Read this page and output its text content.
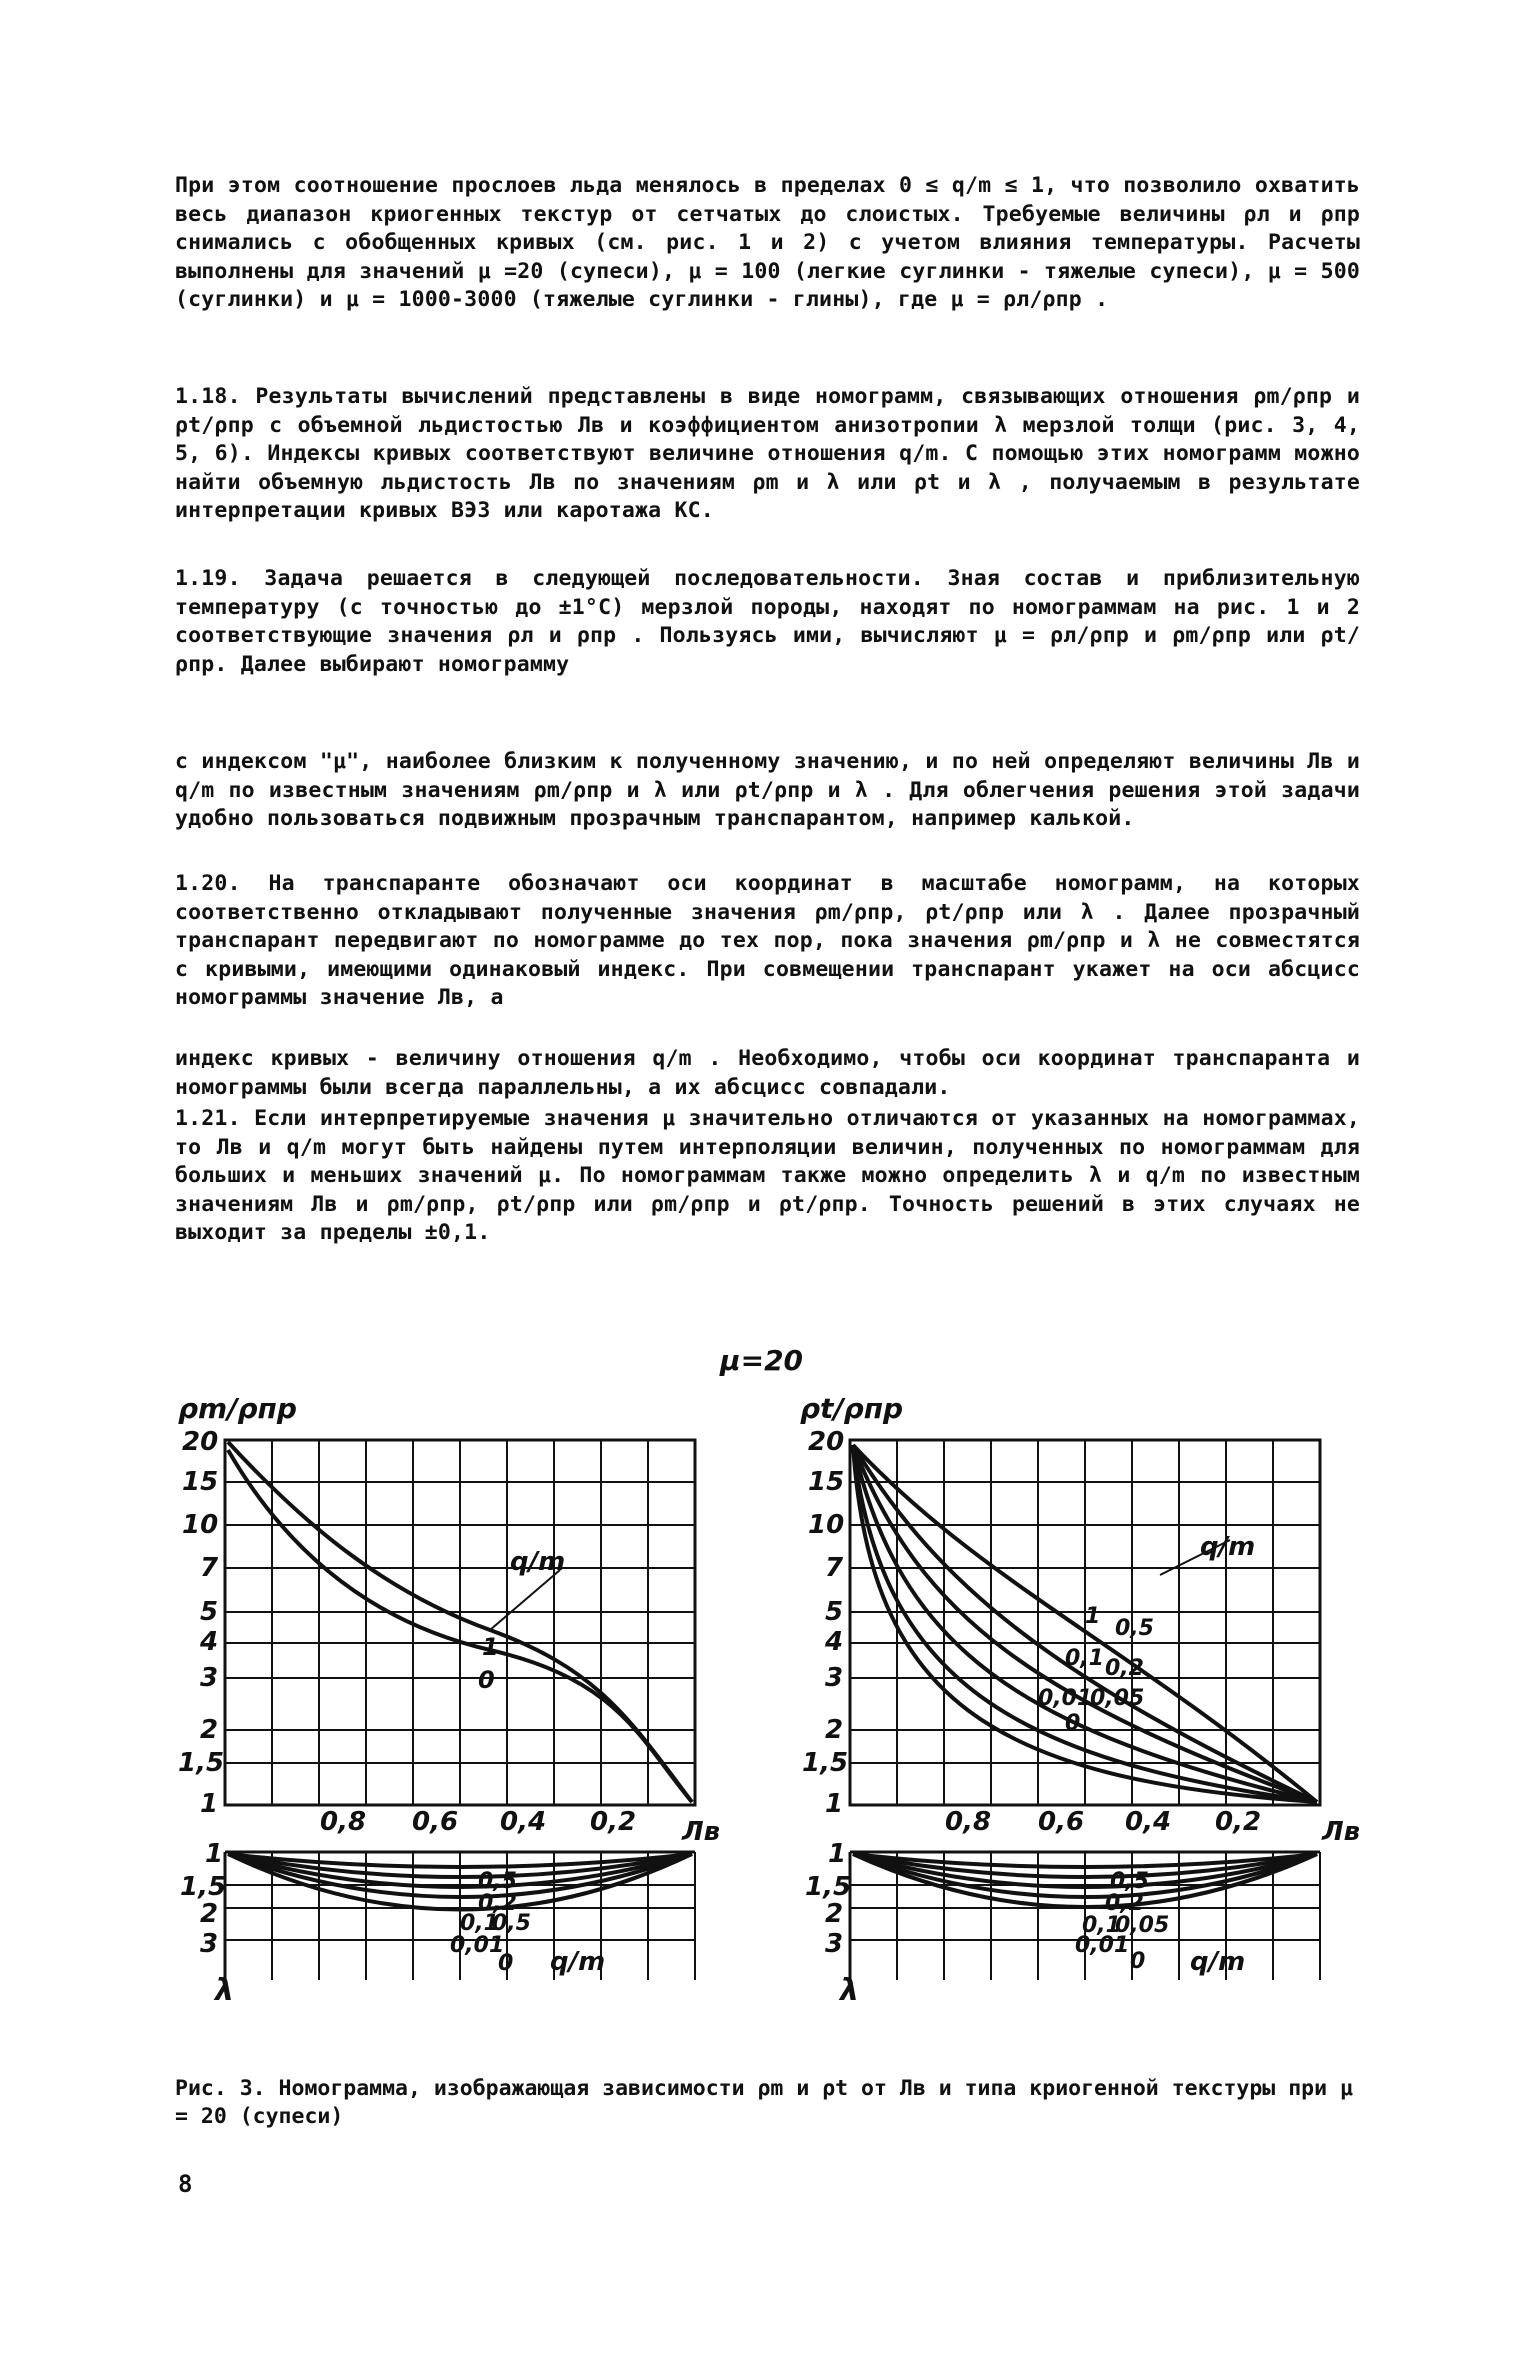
При этом соотношение прослоев льда менялось в пределах 0 ≤ q/m ≤ 1, что позволило охватить весь диапазон криогенных текстур от сетчатых до слоистых. Требуемые величины ρл и ρпр снимались с обобщенных кривых (см. рис. 1 и 2) с учетом влияния температуры. Расчеты выполнены для значений μ =20 (супеси), μ = 100 (легкие суглинки - тяжелые супеси), μ = 500 (суглинки) и μ = 1000-3000 (тяжелые суглинки - глины), где μ = ρл/ρпр .

1.18. Результаты вычислений представлены в виде номограмм, связывающих отношения ρm/ρпр и ρt/ρпр с объемной льдистостью Лв и коэффициентом анизотропии λ мерзлой толщи (рис. 3, 4, 5, 6). Индексы кривых соответствуют величине отношения q/m. С помощью этих номограмм можно найти объемную льдистость Лв по значениям ρm и λ или ρt и λ , получаемым в результате интерпретации кривых ВЭЗ или каротажа КС.

1.19. Задача решается в следующей последовательности. Зная состав и приблизительную температуру (с точностью до ±1°С) мерзлой породы, находят по номограммам на рис. 1 и 2 соответствующие значения ρл и ρпр . Пользуясь ими, вычисляют μ = ρл/ρпр и ρm/ρпр или ρt/ρпр. Далее выбирают номограмму

с индексом "μ", наиболее близким к полученному значению, и по ней определяют величины Лв и q/m по известным значениям ρm/ρпр и λ или ρt/ρпр и λ . Для облегчения решения этой задачи удобно пользоваться подвижным прозрачным транспарантом, например калькой.

1.20. На транспаранте обозначают оси координат в масштабе номограмм, на которых соответственно откладывают полученные значения ρm/ρпр, ρt/ρпр или λ . Далее прозрачный транспарант передвигают по номограмме до тех пор, пока значения ρm/ρпр и λ не совместятся с кривыми, имеющими одинаковый индекс. При совмещении транспарант укажет на оси абсцисс номограммы значение Лв, а

индекс кривых - величину отношения q/m . Необходимо, чтобы оси координат транспаранта и номограммы были всегда параллельны, а их абсцисс совпадали.

1.21. Если интерпретируемые значения μ значительно отличаются от указанных на номограммах, то Лв и q/m могут быть найдены путем интерполяции величин, полученных по номограммам для больших и меньших значений μ. По номограммам также можно определить λ и q/m по известным значениям Лв и ρm/ρпр, ρt/ρпр или ρm/ρпр и ρt/ρпр. Точность решений в этих случаях не выходит за пределы ±0,1.

μ=20
ρm/ρпр
q/m
1
0
20
15
10
7
5
4
3
2
1,5
1
0,8 0,6 0,4 0,2 Лв
0,5
0,2
0,1
0,5
0,01
0 q/m
1
1,5
2
3
λ
ρt/ρпр
q/m
1 0,5
0,1 0,2
0,01
0,05
0
20
15
10
7
5
4
3
2
1,5
1
0,8 0,6 0,4 0,2 Лв
0,5
0,2
0,1
0,05
0,01
0 q/m
1
1,5
2
3
λ

Рис. 3. Номограмма, изображающая зависимости ρm и ρt от Лв и типа криогенной текстуры при μ = 20 (супеси)

8
